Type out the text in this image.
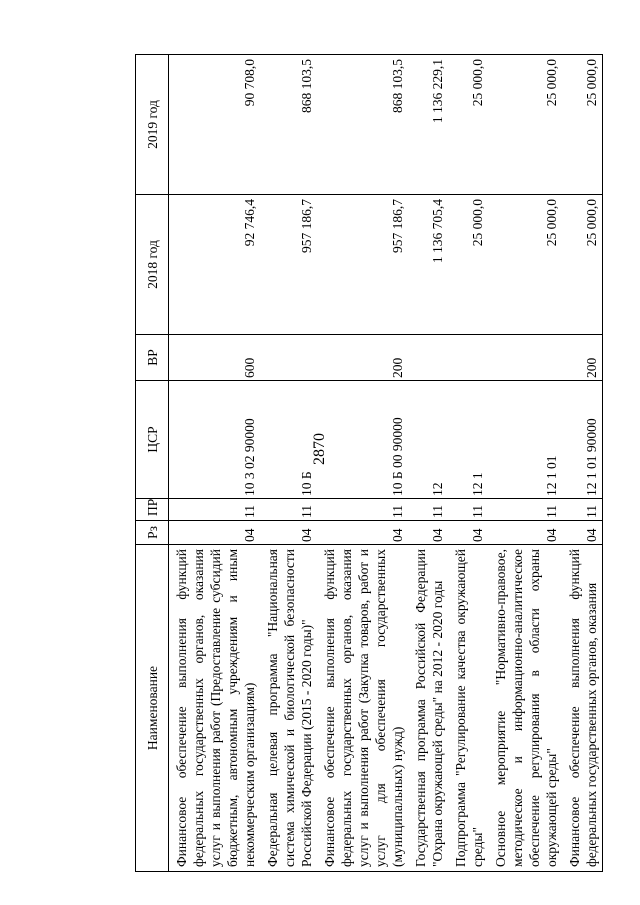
2870
Наименование	Рз	ПР	ЦСР	ВР	2018 год	2019 год
Финансовое обеспечение выполнения функций федеральных государственных органов, оказания услуг и выполнения работ (Предоставление субсидий бюджетным, автономным учреждениям и иным некоммерческим организациям)	04	11	10 3 02 90000	600	92 746,4	90 708,0
Федеральная целевая программа "Национальная система химической и биологической безопасности Российской Федерации (2015 - 2020 годы)"	04	11	10 Б		957 186,7	868 103,5
Финансовое обеспечение выполнения функций федеральных государственных органов, оказания услуг и выполнения работ (Закупка товаров, работ и услуг для обеспечения государственных (муниципальных) нужд)	04	11	10 Б 00 90000	200	957 186,7	868 103,5
Государственная программа Российской Федерации "Охрана окружающей среды" на 2012 - 2020 годы	04	11	12		1 136 705,4	1 136 229,1
Подпрограмма "Регулирование качества окружающей среды"	04	11	12 1		25 000,0	25 000,0
Основное мероприятие "Нормативно-правовое, методическое и информационно-аналитическое обеспечение регулирования в области охраны окружающей среды"	04	11	12 1 01		25 000,0	25 000,0
Финансовое обеспечение выполнения функций федеральных государственных органов, оказания	04	11	12 1 01 90000	200	25 000,0	25 000,0
